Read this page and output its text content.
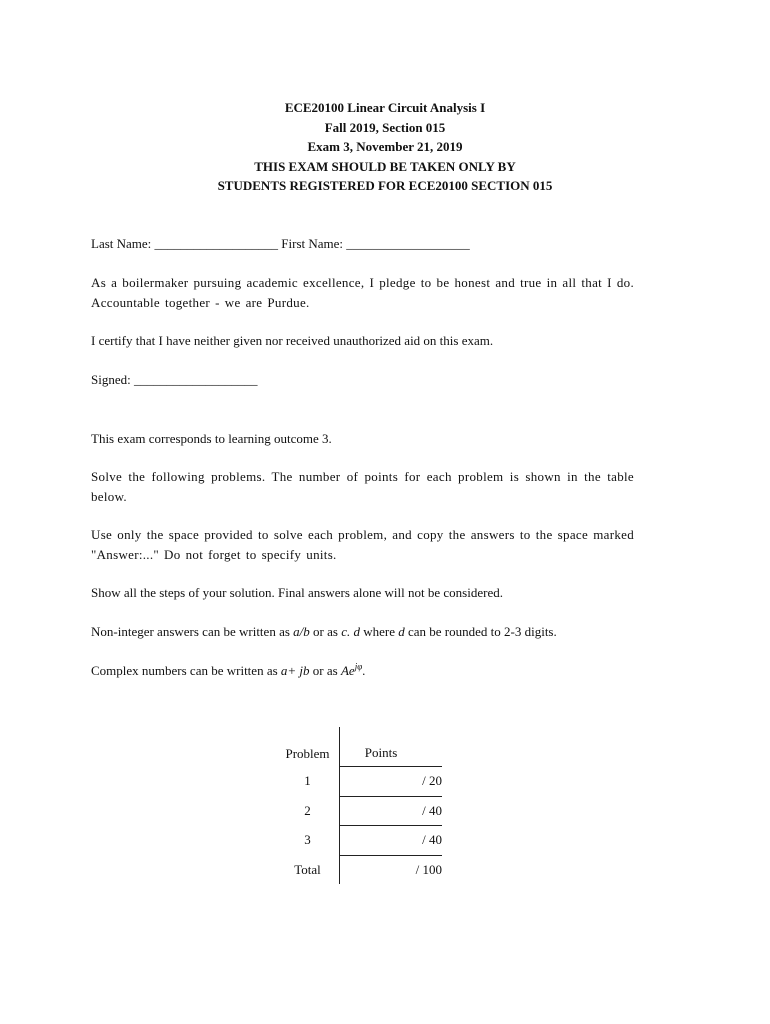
ECE20100 Linear Circuit Analysis I
Fall 2019, Section 015
Exam 3, November 21, 2019
THIS EXAM SHOULD BE TAKEN ONLY BY
STUDENTS REGISTERED FOR ECE20100 SECTION 015

Last Name: ___________________ First Name: ___________________

As a boilermaker pursuing academic excellence, I pledge to be honest and true in all that I do. Accountable together - we are Purdue.

I certify that I have neither given nor received unauthorized aid on this exam.

Signed: ___________________

This exam corresponds to learning outcome 3.

Solve the following problems. The number of points for each problem is shown in the table below.

Use only the space provided to solve each problem, and copy the answers to the space marked "Answer:..." Do not forget to specify units.

Show all the steps of your solution. Final answers alone will not be considered.

Non-integer answers can be written as a/b or as c. d where d can be rounded to 2-3 digits.

Complex numbers can be written as a+ jb or as $Ae^{j\varphi}$.

Problem	Points
1	/ 20
2	/ 40
3	/ 40
Total	/ 100
